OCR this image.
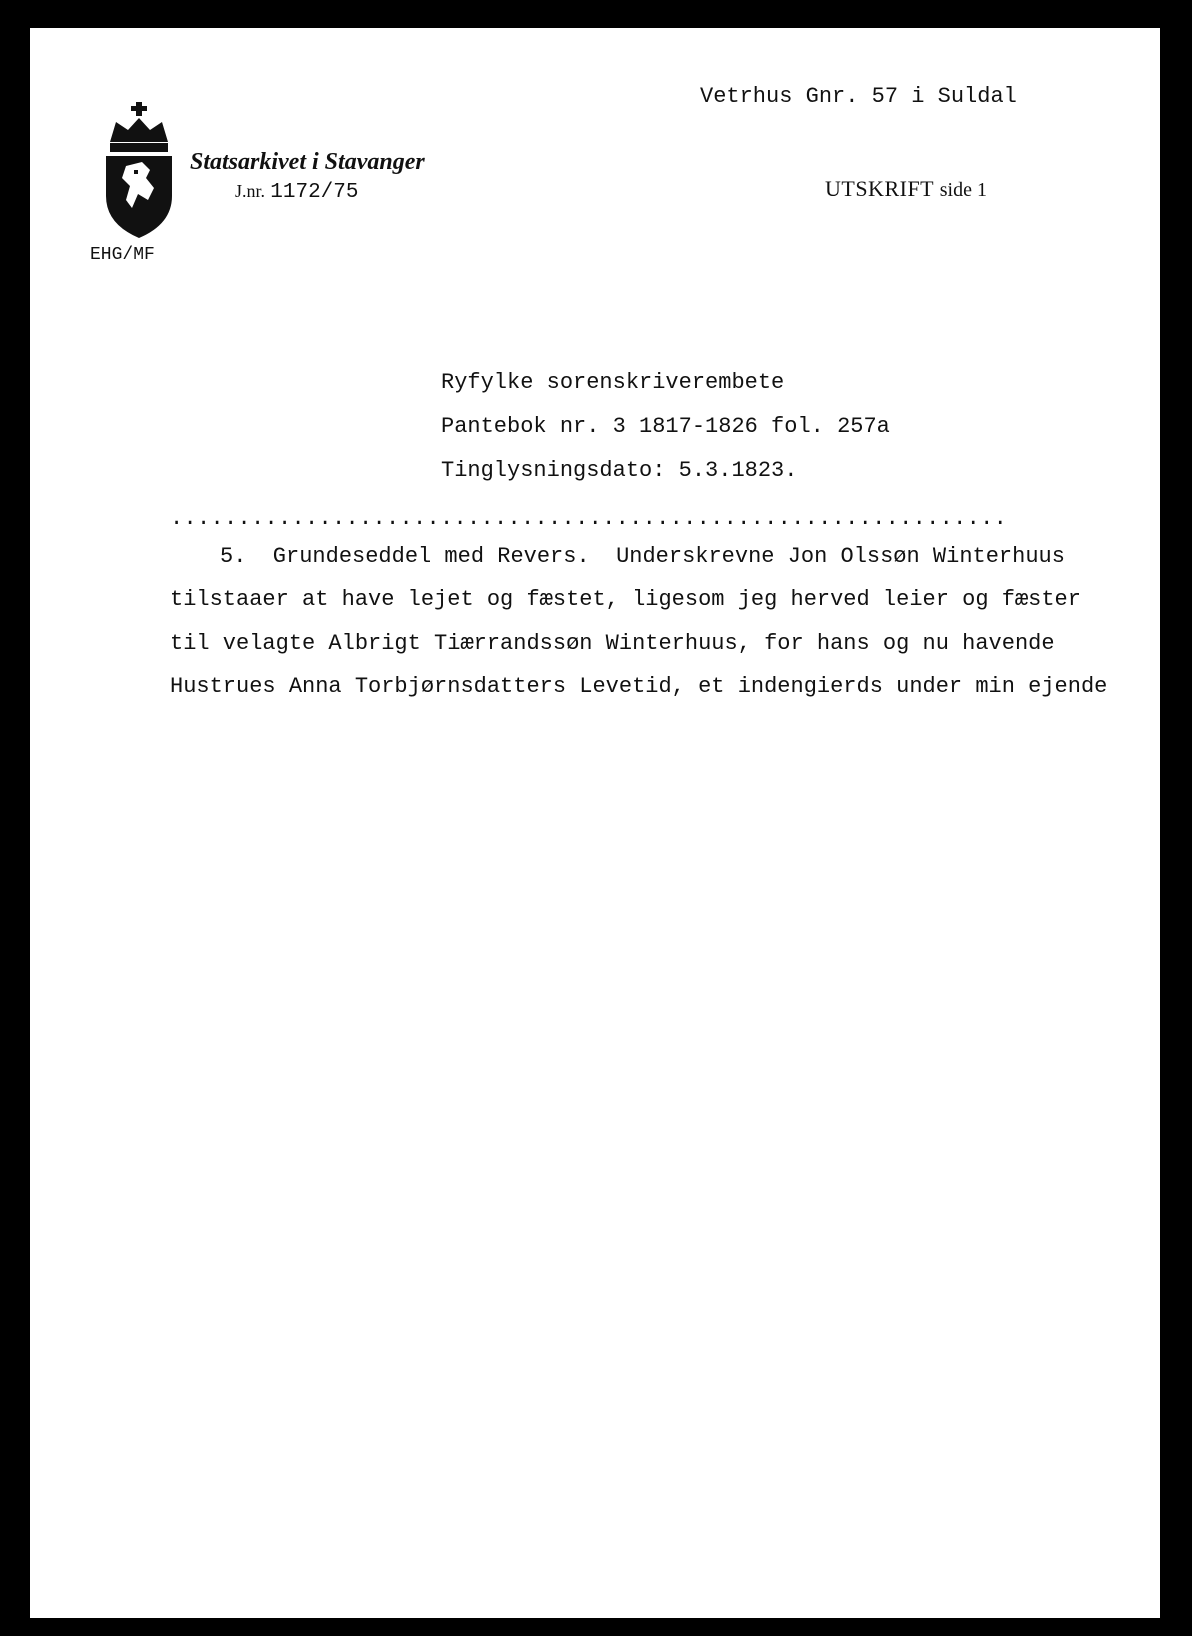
Vetrhus Gnr. 57 i Suldal
Statsarkivet i Stavanger
J.nr. 1172/75	UTSKRIFT side 1
EHG/MF
Ryfylke sorenskriverembete
Pantebok nr. 3 1817-1826 fol. 257a
Tinglysningsdato: 5.3.1823.
..............................................................
5.  Grundeseddel med Revers.  Underskrevne Jon Olssøn Winterhuus
tilstaaer at have lejet og fæstet, ligesom jeg herved leier og fæster
til velagte Albrigt Tiærrandssøn Winterhuus, for hans og nu havende
Hustrues Anna Torbjørnsdatters Levetid, et indengierds under min ejende
